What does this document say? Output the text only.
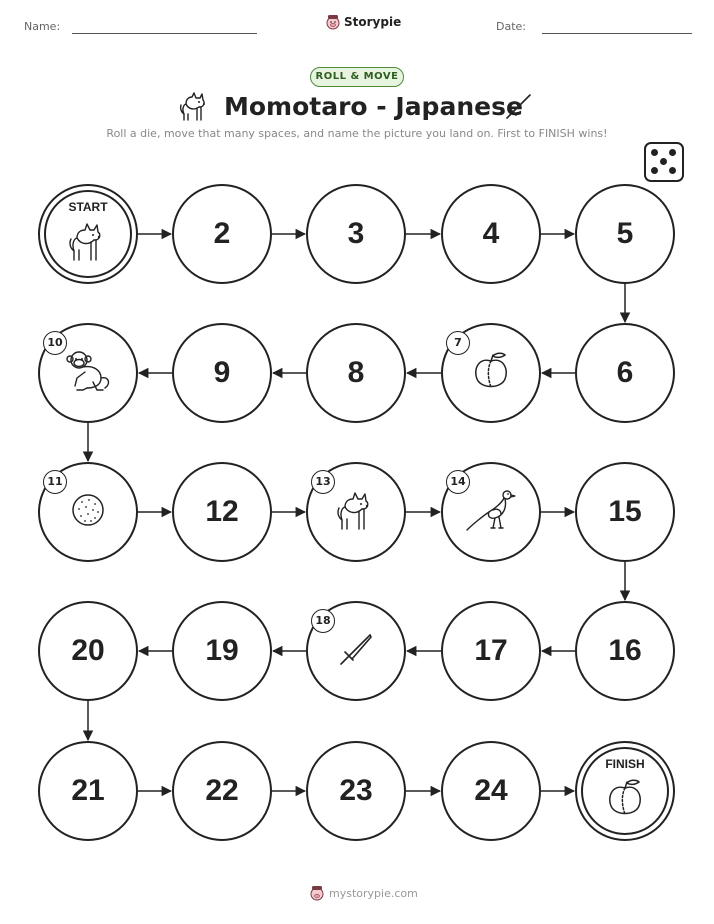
Name:	Storypie	Date:
ROLL & MOVE
Momotaro - Japanese
Roll a die, move that many spaces, and name the picture you land on. First to FINISH wins!
START
2	3	4	5
6
7
8
9
10
11
12
13	14
15
16
17
18
19
20
21	22	23	24
FINISH
mystorypie.com
